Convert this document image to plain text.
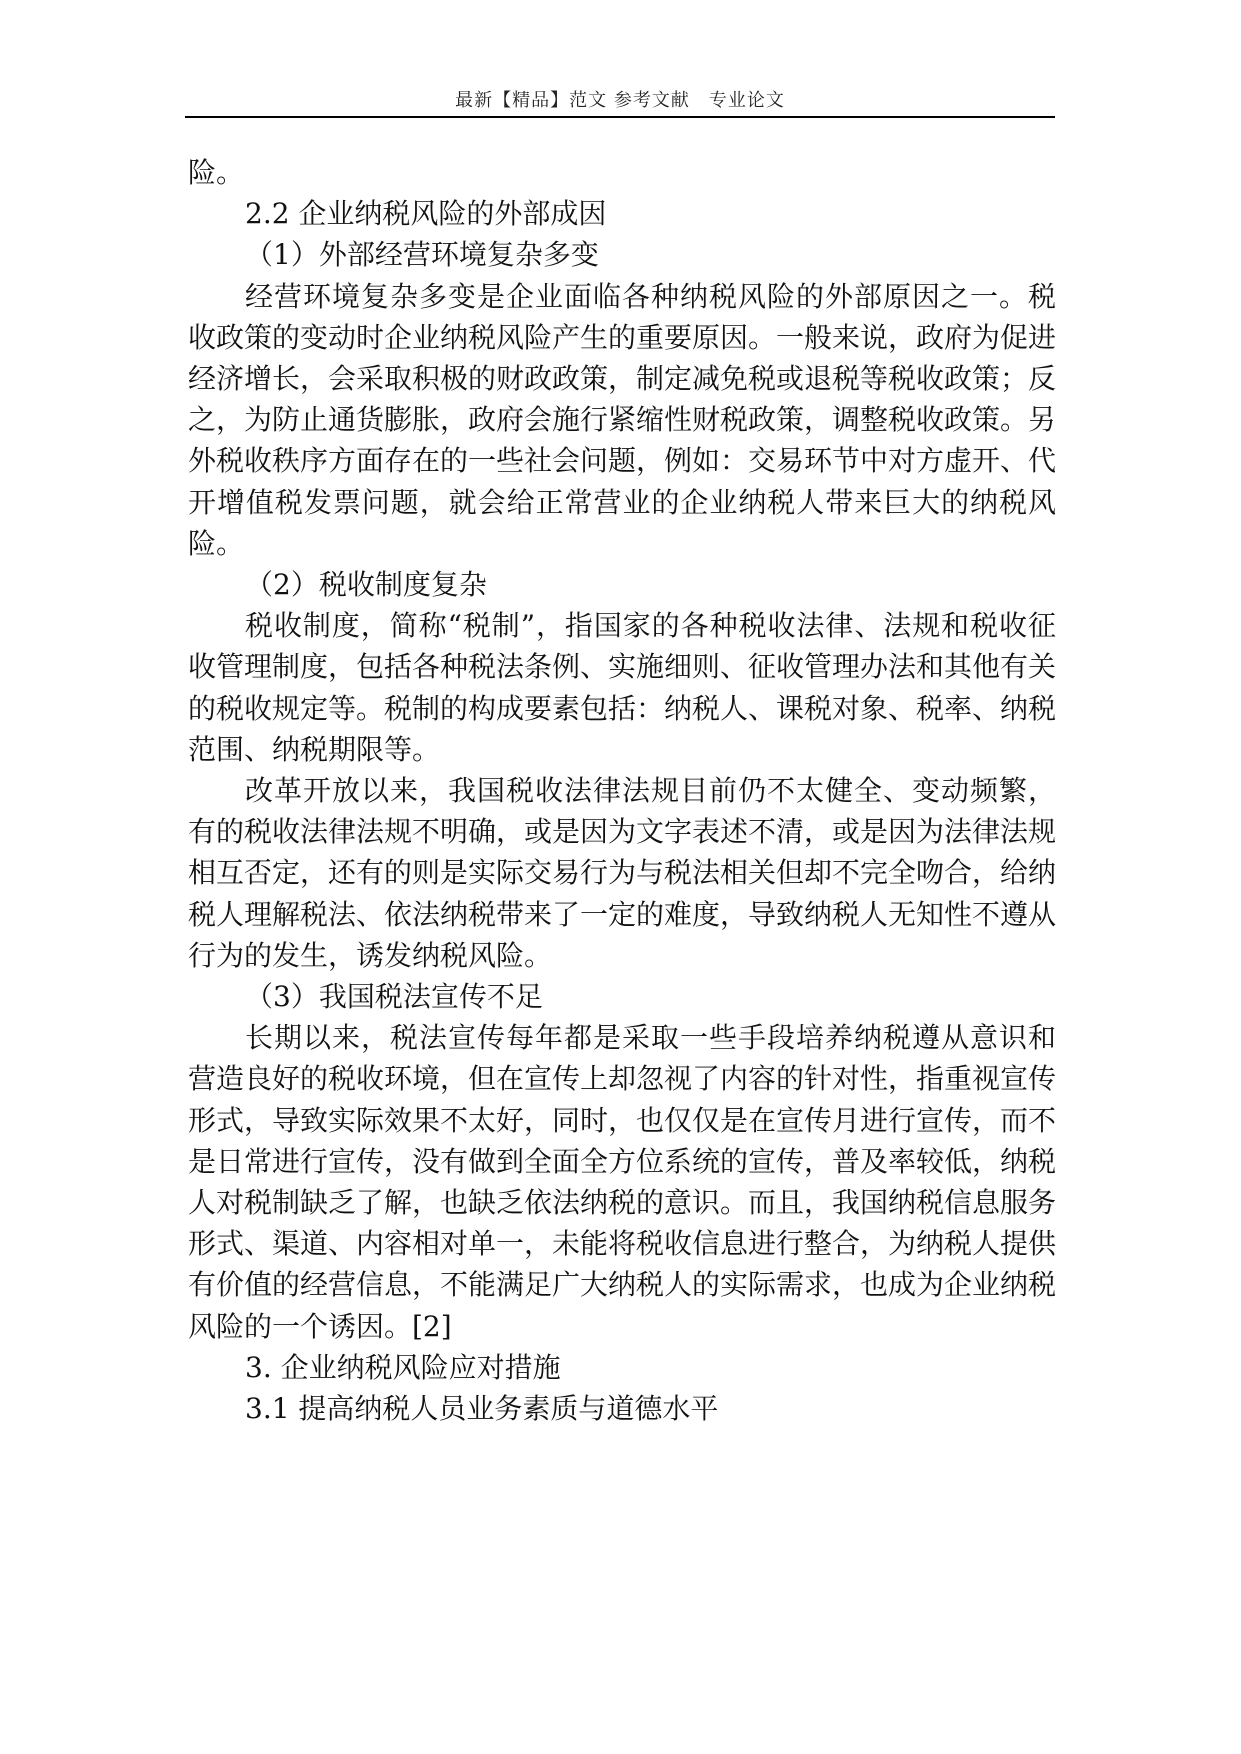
最新【精品】范文 参考文献　专业论文

险。

2.2 企业纳税风险的外部成因

（1）外部经营环境复杂多变

经营环境复杂多变是企业面临各种纳税风险的外部原因之一。税收政策的变动时企业纳税风险产生的重要原因。一般来说，政府为促进经济增长，会采取积极的财政政策，制定减免税或退税等税收政策；反之，为防止通货膨胀，政府会施行紧缩性财税政策，调整税收政策。另外税收秩序方面存在的一些社会问题，例如：交易环节中对方虚开、代开增值税发票问题，就会给正常营业的企业纳税人带来巨大的纳税风险。

（2）税收制度复杂

税收制度，简称“税制”，指国家的各种税收法律、法规和税收征收管理制度，包括各种税法条例、实施细则、征收管理办法和其他有关的税收规定等。税制的构成要素包括：纳税人、课税对象、税率、纳税范围、纳税期限等。

改革开放以来，我国税收法律法规目前仍不太健全、变动频繁，有的税收法律法规不明确，或是因为文字表述不清，或是因为法律法规相互否定，还有的则是实际交易行为与税法相关但却不完全吻合，给纳税人理解税法、依法纳税带来了一定的难度，导致纳税人无知性不遵从行为的发生，诱发纳税风险。

（3）我国税法宣传不足

长期以来，税法宣传每年都是采取一些手段培养纳税遵从意识和营造良好的税收环境，但在宣传上却忽视了内容的针对性，指重视宣传形式，导致实际效果不太好，同时，也仅仅是在宣传月进行宣传，而不是日常进行宣传，没有做到全面全方位系统的宣传，普及率较低，纳税人对税制缺乏了解，也缺乏依法纳税的意识。而且，我国纳税信息服务形式、渠道、内容相对单一，未能将税收信息进行整合，为纳税人提供有价值的经营信息，不能满足广大纳税人的实际需求，也成为企业纳税风险的一个诱因。[2]

3. 企业纳税风险应对措施

3.1 提高纳税人员业务素质与道德水平
